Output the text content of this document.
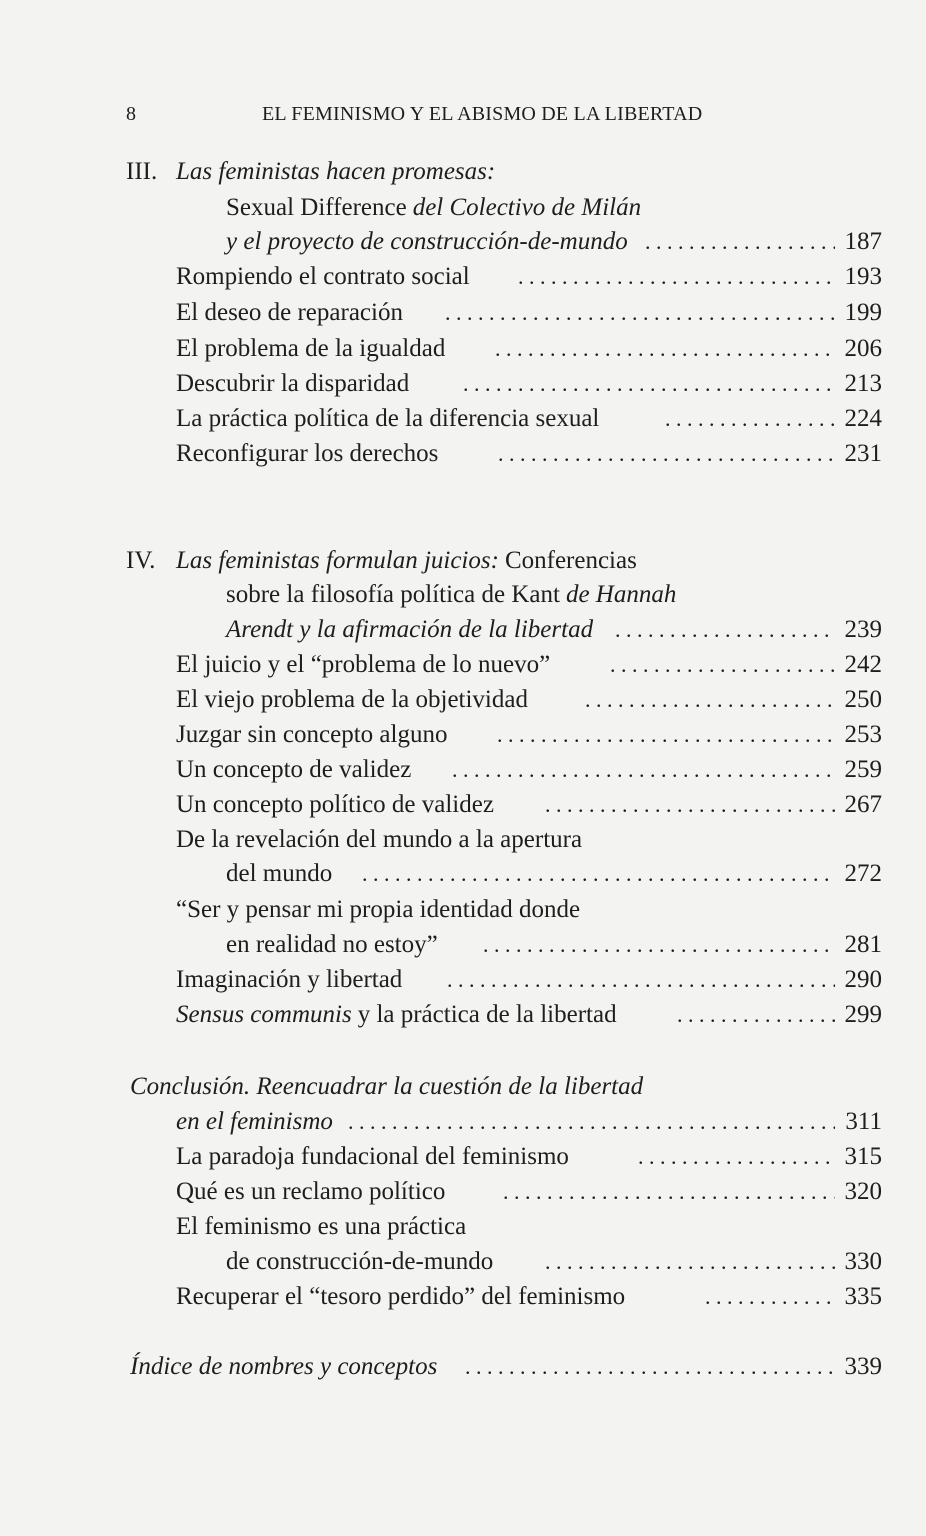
8	EL FEMINISMO Y EL ABISMO DE LA LIBERTAD
III. Las feministas hacen promesas:
Sexual Difference del Colectivo de Milán
y el proyecto de construcción-de-mundo . . .	187
Rompiendo el contrato social . . .	193
El deseo de reparación . . .	199
El problema de la igualdad . . .	206
Descubrir la disparidad . . .	213
La práctica política de la diferencia sexual . . .	224
Reconfigurar los derechos . . .	231
IV. Las feministas formulan juicios: Conferencias
sobre la filosofía política de Kant de Hannah
Arendt y la afirmación de la libertad . . .	239
El juicio y el “problema de lo nuevo” . . .	242
El viejo problema de la objetividad . . .	250
Juzgar sin concepto alguno . . .	253
Un concepto de validez . . .	259
Un concepto político de validez . . .	267
De la revelación del mundo a la apertura
del mundo . . .	272
“Ser y pensar mi propia identidad donde
en realidad no estoy” . . .	281
Imaginación y libertad . . .	290
Sensus communis y la práctica de la libertad . . .	299
Conclusión. Reencuadrar la cuestión de la libertad
en el feminismo . . .	311
La paradoja fundacional del feminismo . . .	315
Qué es un reclamo político . . .	320
El feminismo es una práctica
de construcción-de-mundo . . .	330
Recuperar el “tesoro perdido” del feminismo . . .	335
Índice de nombres y conceptos . . .	339
